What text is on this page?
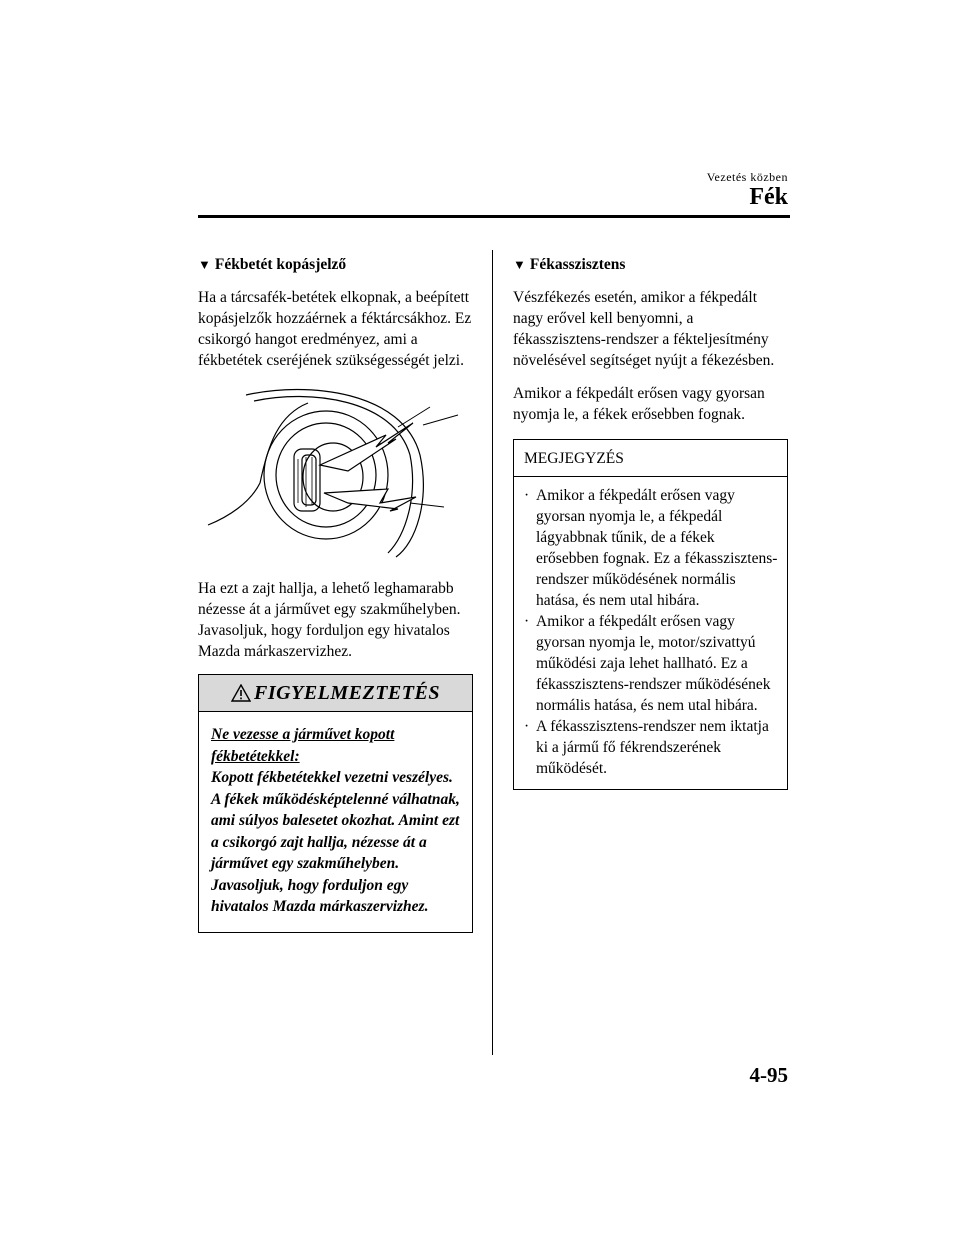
Vezetés közben
Fék
▼ Fékbetét kopásjelző

Ha a tárcsafék-betétek elkopnak, a beépített kopásjelzők hozzáérnek a féktárcsákhoz. Ez csikorgó hangot eredményez, ami a fékbetétek cseréjének szükségességét jelzi.

Ha ezt a zajt hallja, a lehető leghamarabb nézesse át a járművet egy szakműhelyben. Javasoljuk, hogy forduljon egy hivatalos Mazda márkaszervizhez.

FIGYELMEZTETÉS
Ne vezesse a járművet kopott fékbetétekkel:
Kopott fékbetétekkel vezetni veszélyes. A fékek működésképtelenné válhatnak, ami súlyos balesetet okozhat. Amint ezt a csikorgó zajt hallja, nézesse át a járművet egy szakműhelyben. Javasoljuk, hogy forduljon egy hivatalos Mazda márkaszervizhez.
▼ Fékasszisztens

Vészfékezés esetén, amikor a fékpedált nagy erővel kell benyomni, a fékasszisztens-rendszer a fékteljesítmény növelésével segítséget nyújt a fékezésben.

Amikor a fékpedált erősen vagy gyorsan nyomja le, a fékek erősebben fognak.

MEGJEGYZÉS
· Amikor a fékpedált erősen vagy gyorsan nyomja le, a fékpedál lágyabbnak tűnik, de a fékek erősebben fognak. Ez a fékasszisztens-rendszer működésének normális hatása, és nem utal hibára.
· Amikor a fékpedált erősen vagy gyorsan nyomja le, motor/szivattyú működési zaja lehet hallható. Ez a fékasszisztens-rendszer működésének normális hatása, és nem utal hibára.
· A fékasszisztens-rendszer nem iktatja ki a jármű fő fékrendszerének működését.
4-95
